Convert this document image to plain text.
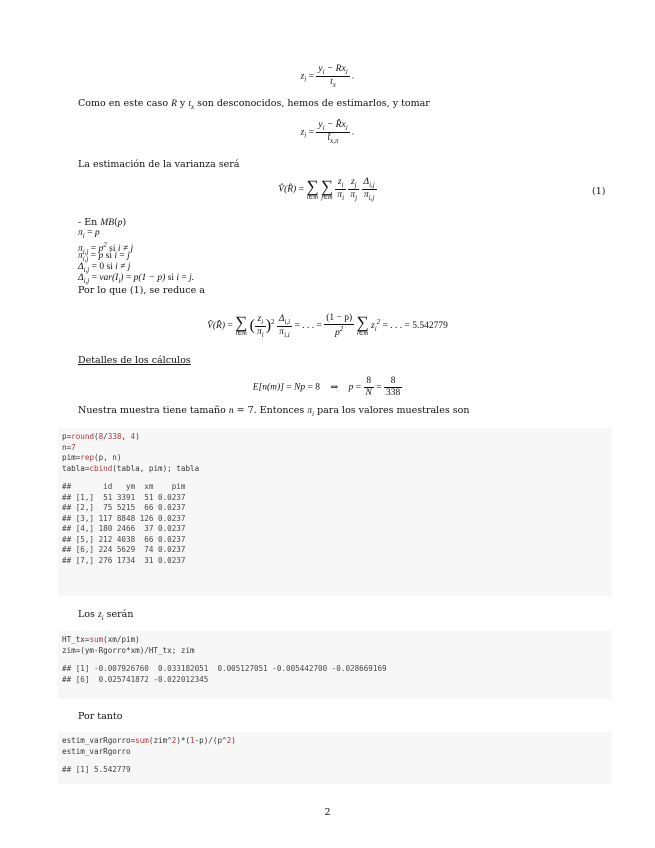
$z_i = \frac{y_i - Rx_i}{t_x}$ .
Como en este caso R y $t_x$ son desconocidos, hemos de estimarlos, y tomar
$z_i = \frac{y_i - R̂x_i}{t̂_{x,\pi}}$ .
La estimación de la varianza será
V̂(R̂) = ∑
i∈m

∑
j∈m
$\frac{z_i}{\pi_i}$
$\frac{z_j}{\pi_j}$
$\frac{\Delta_{i,j}}{\pi_{i,j}}$	(1)
- En MB(p)
$\pi_i = p$
$\pi_{i,j} = p^2$ si i ≠ j
$\pi_{i,j} = p$ si i = j
$\Delta_{i,j} = 0$ si i ≠ j
$\Delta_{i,j} = var(I_i) = p(1 - p)$ si i = j.
Por lo que (1), se reduce a
V̂(R̂) = ∑
i∈m ( $\frac{z_i}{\pi_i} )^2 \frac{\Delta_{i,i}}{\pi_{i,i}}$ = . . . = $\frac{(1 - p)}{p^2}$
∑
i∈m
$z_i^2$ = . . . = 5.542779
Detalles de los cálculos
E[n(m)] = Np = 8 ⇒ $p = \frac{8}{N} = \frac{8}{338}$
Nuestra muestra tiene tamaño n = 7. Entonces $\pi_i$ para los valores muestrales son
p=round(8/338, 4)
n=7
pim=rep(p, n)
tabla=cbind(tabla, pim); tabla
##       id   ym  xm    pim
## [1,]  51 3391  51 0.0237
## [2,]  75 5215  66 0.0237
## [3,] 117 8848 126 0.0237
## [4,] 180 2466  37 0.0237
## [5,] 212 4038  66 0.0237
## [6,] 224 5629  74 0.0237
## [7,] 276 1734  31 0.0237
Los $z_i$ serán
HT_tx=sum(xm/pim)
zim=(ym-Rgorro*xm)/HT_tx; zim
## [1] -0.007926760  0.033182051  0.005127051 -0.005442700 -0.028669169
## [6]  0.025741872 -0.022012345
Por tanto
estim_varRgorro=sum(zim^2)*(1-p)/(p^2)
estim_varRgorro
## [1] 5.542779
2
